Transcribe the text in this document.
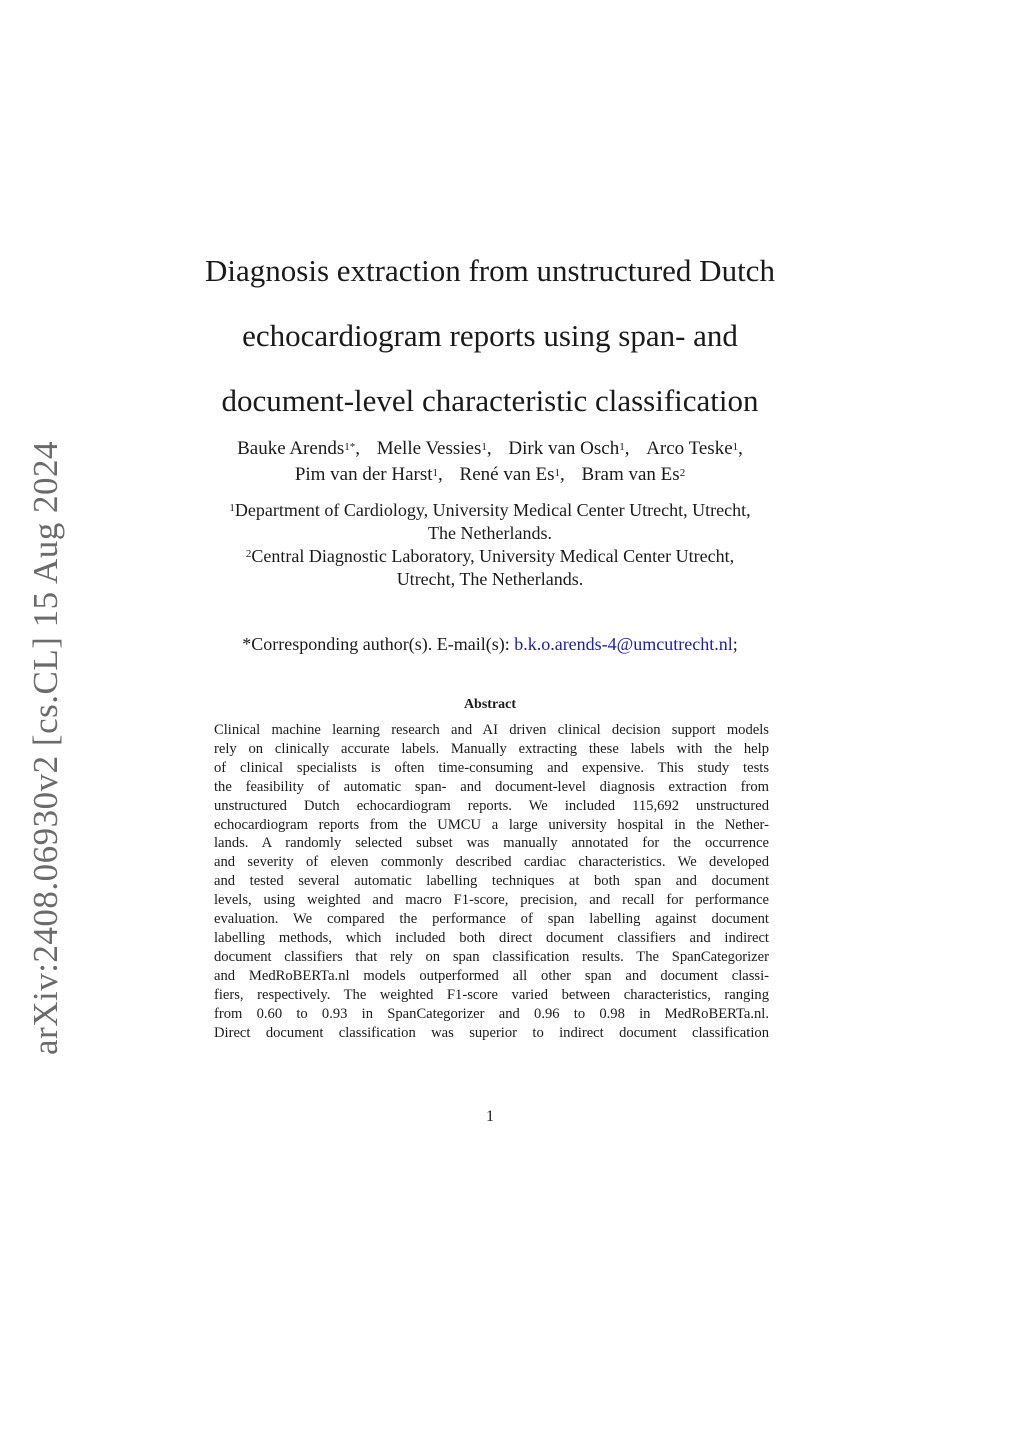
arXiv:2408.06930v2 [cs.CL] 15 Aug 2024
Diagnosis extraction from unstructured Dutch
echocardiogram reports using span- and
document-level characteristic classification
Bauke Arends$^{1*}$, Melle Vessies$^1$, Dirk van Osch$^1$, Arco Teske$^1$,
Pim van der Harst$^1$, René van Es$^1$, Bram van Es$^2$
$^1$Department of Cardiology, University Medical Center Utrecht, Utrecht,
The Netherlands.
$^2$Central Diagnostic Laboratory, University Medical Center Utrecht,
Utrecht, The Netherlands.
*Corresponding author(s). E-mail(s): b.k.o.arends-4@umcutrecht.nl;
Abstract
Clinical machine learning research and AI driven clinical decision support models
rely on clinically accurate labels. Manually extracting these labels with the help
of clinical specialists is often time-consuming and expensive. This study tests
the feasibility of automatic span- and document-level diagnosis extraction from
unstructured Dutch echocardiogram reports. We included 115,692 unstructured
echocardiogram reports from the UMCU a large university hospital in the Nether-
lands. A randomly selected subset was manually annotated for the occurrence
and severity of eleven commonly described cardiac characteristics. We developed
and tested several automatic labelling techniques at both span and document
levels, using weighted and macro F1-score, precision, and recall for performance
evaluation. We compared the performance of span labelling against document
labelling methods, which included both direct document classifiers and indirect
document classifiers that rely on span classification results. The SpanCategorizer
and MedRoBERTa.nl models outperformed all other span and document classi-
fiers, respectively. The weighted F1-score varied between characteristics, ranging
from 0.60 to 0.93 in SpanCategorizer and 0.96 to 0.98 in MedRoBERTa.nl.
Direct document classification was superior to indirect document classification
1
